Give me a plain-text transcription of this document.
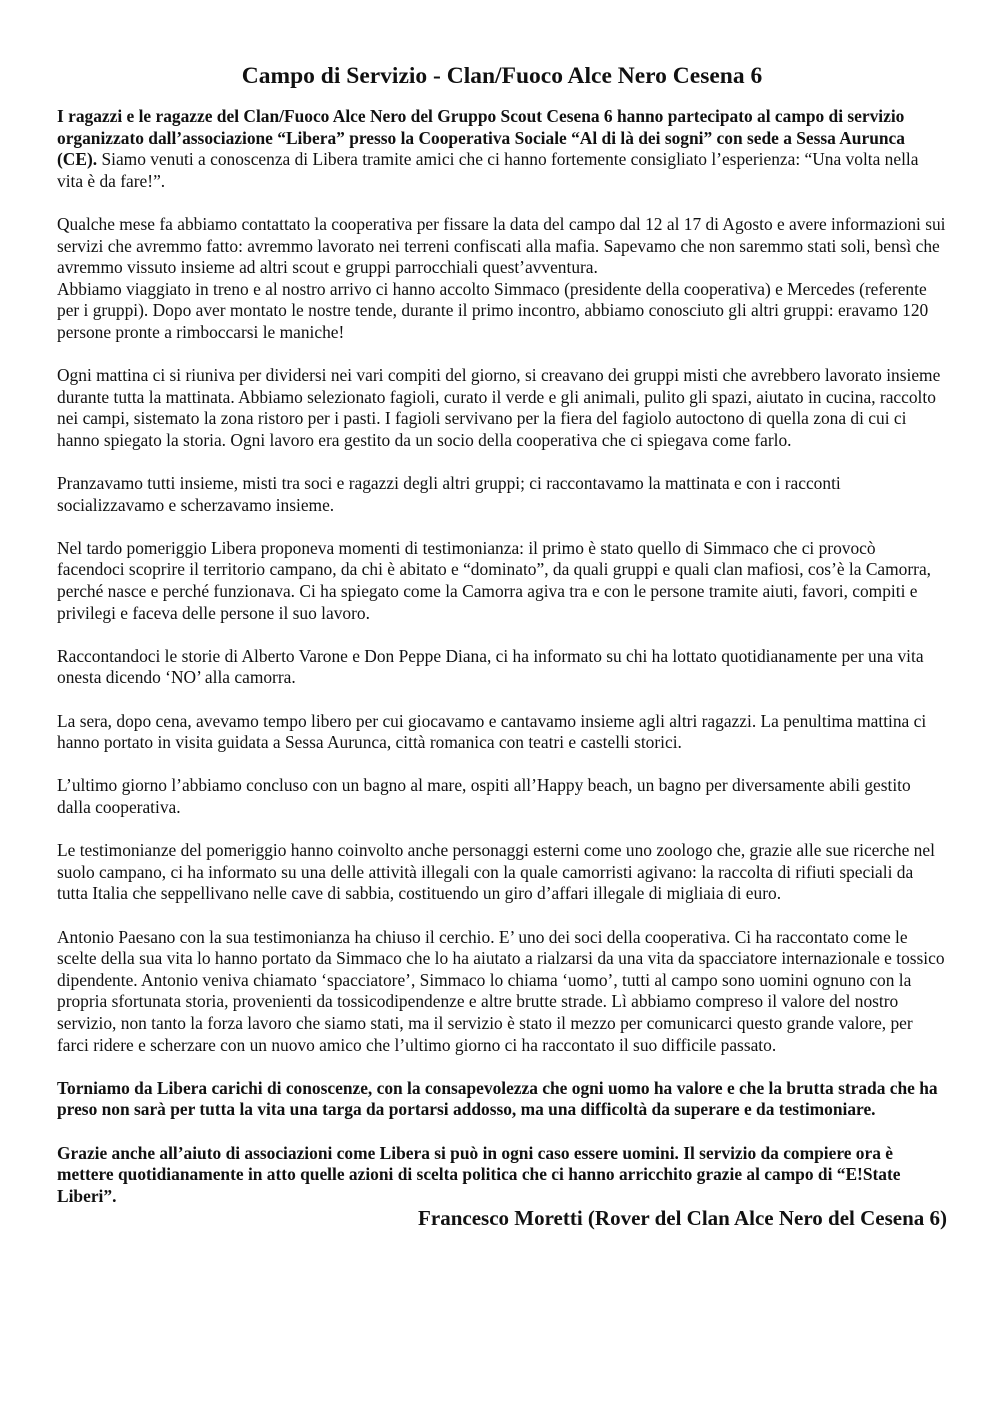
Campo di Servizio - Clan/Fuoco Alce Nero Cesena 6

I ragazzi e le ragazze del Clan/Fuoco Alce Nero del Gruppo Scout Cesena 6 hanno partecipato al campo di servizio organizzato dall’associazione “Libera” presso la Cooperativa Sociale “Al di là dei sogni” con sede a Sessa Aurunca (CE). Siamo venuti a conoscenza di Libera tramite amici che ci hanno fortemente consigliato l’esperienza: “Una volta nella vita è da fare!”.

Qualche mese fa abbiamo contattato la cooperativa per fissare la data del campo dal 12 al 17 di Agosto e avere informazioni sui servizi che avremmo fatto: avremmo lavorato nei terreni confiscati alla mafia. Sapevamo che non saremmo stati soli, bensì che avremmo vissuto insieme ad altri scout e gruppi parrocchiali quest’avventura.

Abbiamo viaggiato in treno e al nostro arrivo ci hanno accolto Simmaco (presidente della cooperativa) e Mercedes (referente per i gruppi). Dopo aver montato le nostre tende, durante il primo incontro, abbiamo conosciuto gli altri gruppi: eravamo 120 persone pronte a rimboccarsi le maniche!

Ogni mattina ci si riuniva per dividersi nei vari compiti del giorno, si creavano dei gruppi misti che avrebbero lavorato insieme durante tutta la mattinata. Abbiamo selezionato fagioli, curato il verde e gli animali, pulito gli spazi, aiutato in cucina, raccolto nei campi, sistemato la zona ristoro per i pasti. I fagioli servivano per la fiera del fagiolo autoctono di quella zona di cui ci hanno spiegato la storia. Ogni lavoro era gestito da un socio della cooperativa che ci spiegava come farlo.

Pranzavamo tutti insieme, misti tra soci e ragazzi degli altri gruppi; ci raccontavamo la mattinata e con i racconti socializzavamo e scherzavamo insieme.

Nel tardo pomeriggio Libera proponeva momenti di testimonianza: il primo è stato quello di Simmaco che ci provocò facendoci scoprire il territorio campano, da chi è abitato e “dominato”, da quali gruppi e quali clan mafiosi, cos’è la Camorra, perché nasce e perché funzionava. Ci ha spiegato come la Camorra agiva tra e con le persone tramite aiuti, favori, compiti e privilegi e faceva delle persone il suo lavoro.

Raccontandoci le storie di Alberto Varone e Don Peppe Diana, ci ha informato su chi ha lottato quotidianamente per una vita onesta dicendo ‘NO’ alla camorra.

La sera, dopo cena, avevamo tempo libero per cui giocavamo e cantavamo insieme agli altri ragazzi. La penultima mattina ci hanno portato in visita guidata a Sessa Aurunca, città romanica con teatri e castelli storici.

L’ultimo giorno l’abbiamo concluso con un bagno al mare, ospiti all’Happy beach, un bagno per diversamente abili gestito dalla cooperativa.

Le testimonianze del pomeriggio hanno coinvolto anche personaggi esterni come uno zoologo che, grazie alle sue ricerche nel suolo campano, ci ha informato su una delle attività illegali con la quale camorristi agivano: la raccolta di rifiuti speciali da tutta Italia che seppellivano nelle cave di sabbia, costituendo un giro d’affari illegale di migliaia di euro.

Antonio Paesano con la sua testimonianza ha chiuso il cerchio. E’ uno dei soci della cooperativa. Ci ha raccontato come le scelte della sua vita lo hanno portato da Simmaco che lo ha aiutato a rialzarsi da una vita da spacciatore internazionale e tossico dipendente. Antonio veniva chiamato ‘spacciatore’, Simmaco lo chiama ‘uomo’, tutti al campo sono uomini ognuno con la propria sfortunata storia, provenienti da tossicodipendenze e altre brutte strade. Lì abbiamo compreso il valore del nostro servizio, non tanto la forza lavoro che siamo stati, ma il servizio è stato il mezzo per comunicarci questo grande valore, per farci ridere e scherzare con un nuovo amico che l’ultimo giorno ci ha raccontato il suo difficile passato.

Torniamo da Libera carichi di conoscenze, con la consapevolezza che ogni uomo ha valore e che la brutta strada che ha preso non sarà per tutta la vita una targa da portarsi addosso, ma una difficoltà da superare e da testimoniare.

Grazie anche all’aiuto di associazioni come Libera si può in ogni caso essere uomini. Il servizio da compiere ora è mettere quotidianamente in atto quelle azioni di scelta politica che ci hanno arricchito grazie al campo di “E!State Liberi”.

Francesco Moretti (Rover del Clan Alce Nero del Cesena 6)
